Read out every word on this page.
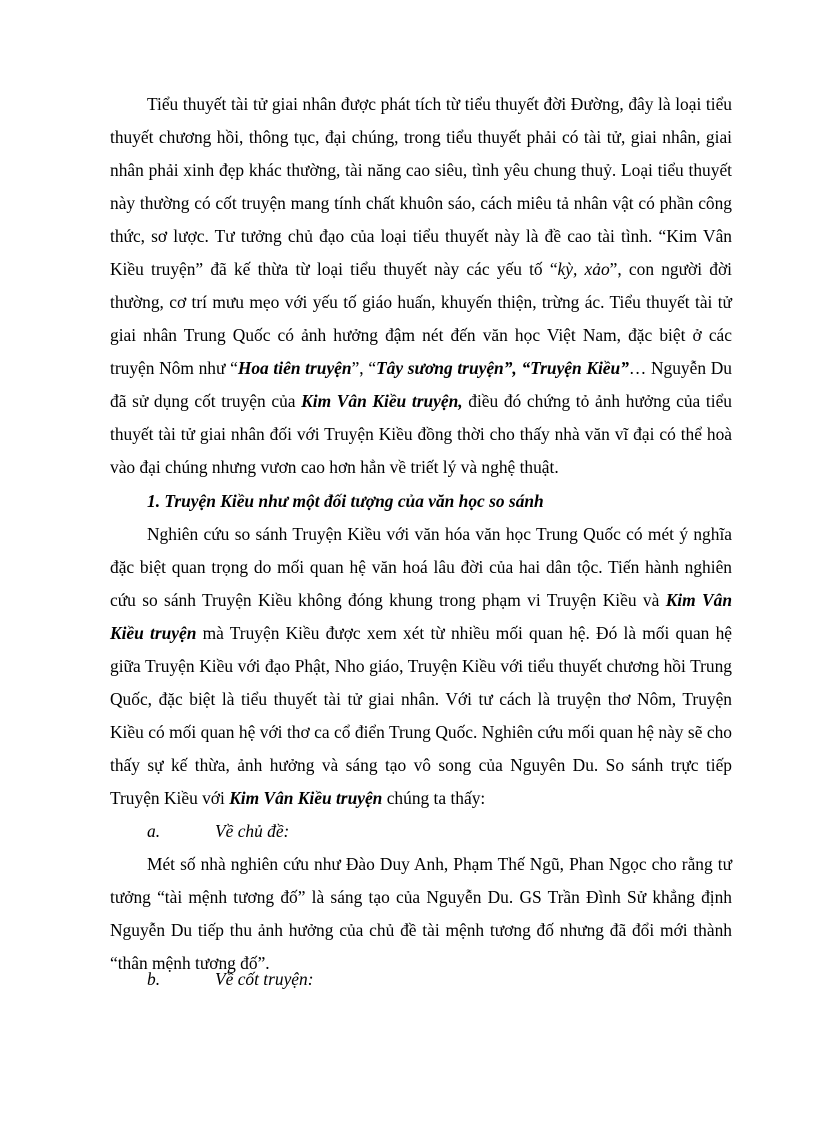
Tiểu thuyết tài tử giai nhân được phát tích từ tiểu thuyết đời Đường, đây là loại tiểu thuyết chương hồi, thông tục, đại chúng, trong tiểu thuyết phải có tài tử, giai nhân, giai nhân phải xinh đẹp khác thường, tài năng cao siêu, tình yêu chung thuỷ. Loại tiểu thuyết này thường có cốt truyện mang tính chất khuôn sáo, cách miêu tả nhân vật có phần công thức, sơ lược. Tư tưởng chủ đạo của loại tiểu thuyết này là đề cao tài tình. “Kim Vân Kiều truyện” đã kế thừa từ loại tiểu thuyết này các yếu tố “kỳ, xảo”, con người đời thường, cơ trí mưu mẹo với yếu tố giáo huấn, khuyến thiện, trừng ác. Tiểu thuyết tài tử giai nhân Trung Quốc có ảnh hưởng đậm nét đến văn học Việt Nam, đặc biệt ở các truyện Nôm như “Hoa tiên truyện”, “Tây sương truyện”, “Truyện Kiều”… Nguyễn Du đã sử dụng cốt truyện của Kim Vân Kiều truyện, điều đó chứng tỏ ảnh hưởng của tiểu thuyết tài tử giai nhân đối với Truyện Kiều đồng thời cho thấy nhà văn vĩ đại có thể hoà vào đại chúng nhưng vươn cao hơn hẳn về triết lý và nghệ thuật.

1. Truyện Kiều như một đối tượng của văn học so sánh

Nghiên cứu so sánh Truyện Kiều với văn hóa văn học Trung Quốc có mét ý nghĩa đặc biệt quan trọng do mối quan hệ văn hoá lâu đời của hai dân tộc. Tiến hành nghiên cứu so sánh Truyện Kiều không đóng khung trong phạm vi Truyện Kiều và Kim Vân Kiều truyện mà Truyện Kiều được xem xét từ nhiều mối quan hệ. Đó là mối quan hệ giữa Truyện Kiều với đạo Phật, Nho giáo, Truyện Kiều với tiểu thuyết chương hồi Trung Quốc, đặc biệt là tiểu thuyết tài tử giai nhân. Với tư cách là truyện thơ Nôm, Truyện Kiều có mối quan hệ với thơ ca cổ điển Trung Quốc. Nghiên cứu mối quan hệ này sẽ cho thấy sự kế thừa, ảnh hưởng và sáng tạo vô song của Nguyên Du. So sánh trực tiếp Truyện Kiều với Kim Vân Kiều truyện chúng ta thấy:

a.	Về chủ đề:

Mét số nhà nghiên cứu như Đào Duy Anh, Phạm Thế Ngũ, Phan Ngọc cho rằng tư tưởng “tài mệnh tương đố” là sáng tạo của Nguyễn Du. GS Trần Đình Sử khẳng định Nguyễn Du tiếp thu ảnh hưởng của chủ đề tài mệnh tương đố nhưng đã đổi mới thành “thân mệnh tương đố”.

b.	Về cốt truyện:
